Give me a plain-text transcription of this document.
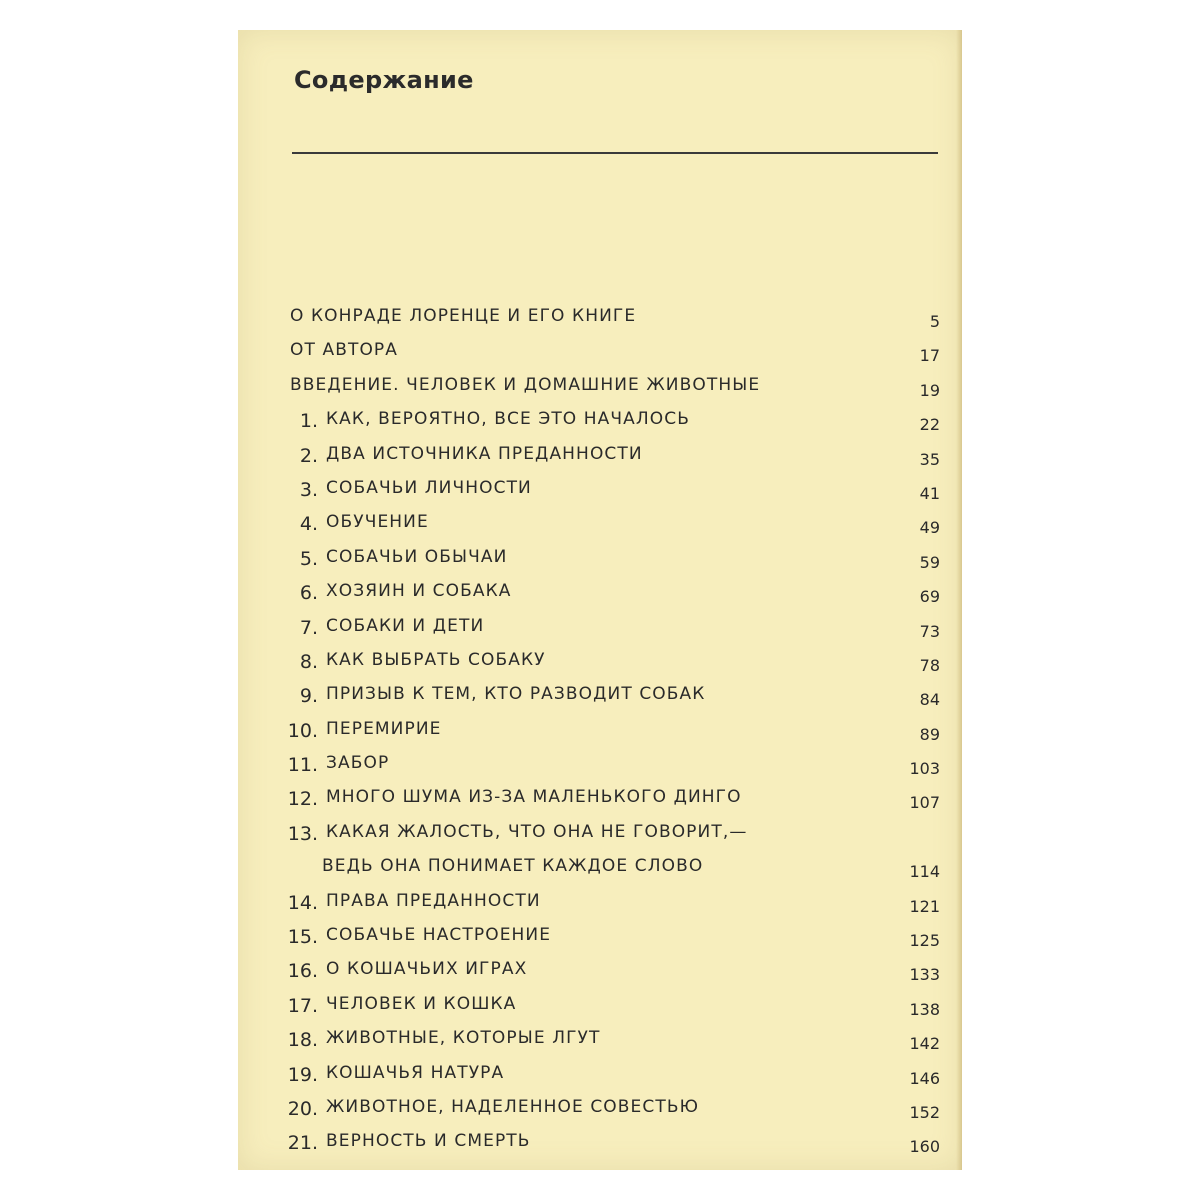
Содержание
О КОНРАДЕ ЛОРЕНЦЕ И ЕГО КНИГЕ	5
ОТ АВТОРА	17
ВВЕДЕНИЕ. ЧЕЛОВЕК И ДОМАШНИЕ ЖИВОТНЫЕ	19
1. КАК, ВЕРОЯТНО, ВСЕ ЭТО НАЧАЛОСЬ	22
2. ДВА ИСТОЧНИКА ПРЕДАННОСТИ	35
3. СОБАЧЬИ ЛИЧНОСТИ	41
4. ОБУЧЕНИЕ	49
5. СОБАЧЬИ ОБЫЧАИ	59
6. ХОЗЯИН И СОБАКА	69
7. СОБАКИ И ДЕТИ	73
8. КАК ВЫБРАТЬ СОБАКУ	78
9. ПРИЗЫВ К ТЕМ, КТО РАЗВОДИТ СОБАК	84
10. ПЕРЕМИРИЕ	89
11. ЗАБОР	103
12. МНОГО ШУМА ИЗ-ЗА МАЛЕНЬКОГО ДИНГО	107
13. КАКАЯ ЖАЛОСТЬ, ЧТО ОНА НЕ ГОВОРИТ,—
ВЕДЬ ОНА ПОНИМАЕТ КАЖДОЕ СЛОВО	114
14. ПРАВА ПРЕДАННОСТИ	121
15. СОБАЧЬЕ НАСТРОЕНИЕ	125
16. О КОШАЧЬИХ ИГРАХ	133
17. ЧЕЛОВЕК И КОШКА	138
18. ЖИВОТНЫЕ, КОТОРЫЕ ЛГУТ	142
19. КОШАЧЬЯ НАТУРА	146
20. ЖИВОТНОЕ, НАДЕЛЕННОЕ СОВЕСТЬЮ	152
21. ВЕРНОСТЬ И СМЕРТЬ	160
